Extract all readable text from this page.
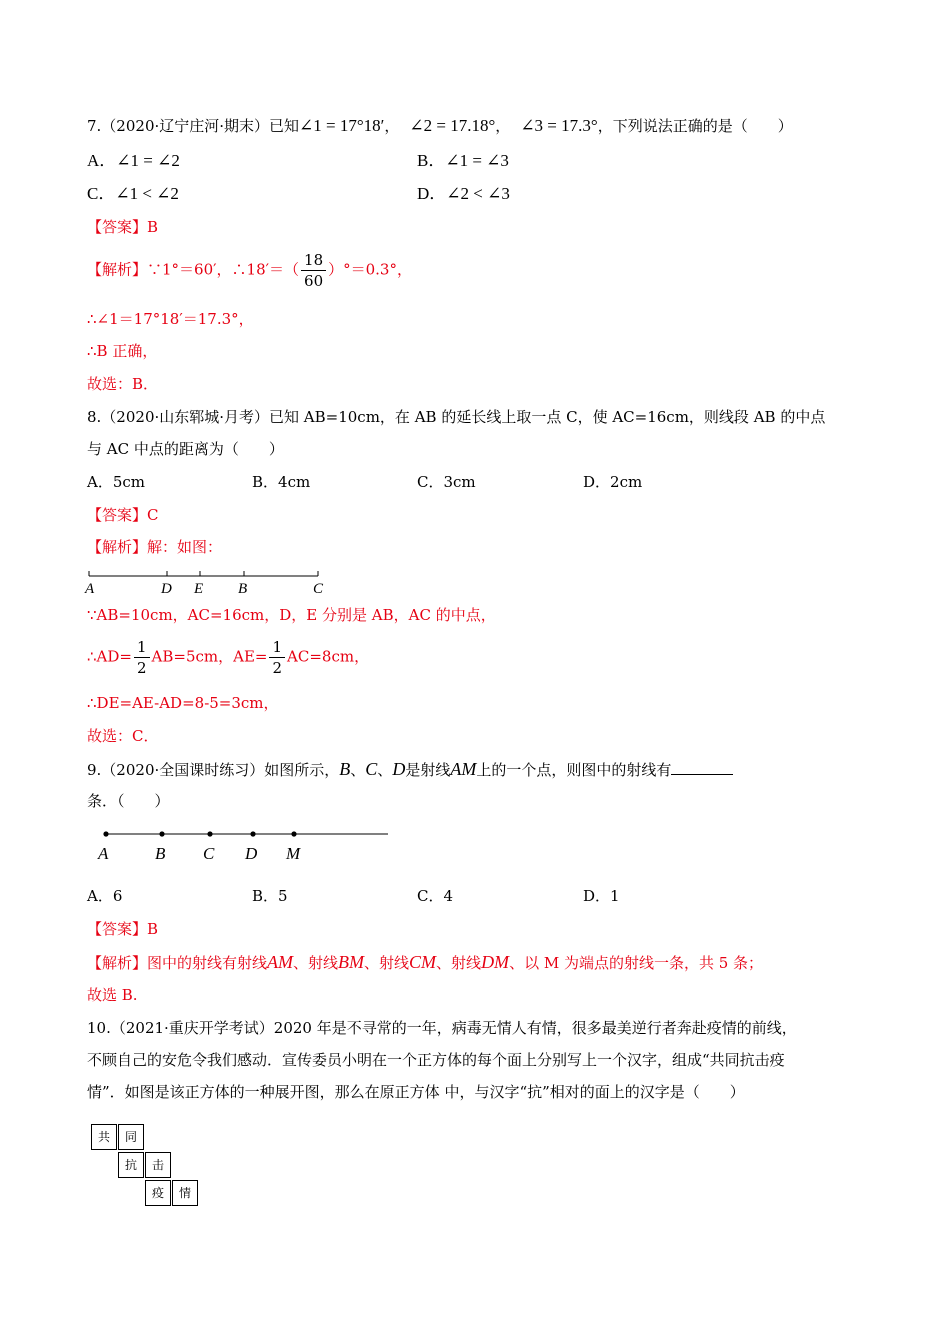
7.（2020·辽宁庄河·期末）已知∠1 = 17°18′， ∠2 = 17.18°， ∠3 = 17.3°，下列说法正确的是（　　）
A．∠1 = ∠2	B．∠1 = ∠3
C．∠1 < ∠2	D．∠2 < ∠3
【答案】B
【解析】∵1°＝60′，∴18′＝（ $\frac{18}{60} )^\circ=0.3^\circ$，
∴∠1＝17°18′＝17.3°，
∴B 正确，
故选：B．
8.（2020·山东郓城·月考）已知 AB=10cm，在 AB 的延长线上取一点 C，使 AC=16cm，则线段 AB 的中点
与 AC 中点的距离为（　　）
A．5cm	B．4cm	C．3cm	D．2cm
【答案】C
【解析】解：如图：
A	D E B	C
∵AB=10cm，AC=16cm，D，E 分别是 AB，AC 的中点，
∴AD= $\frac{1}{2} AB=5cm$，$AE= \frac{1}{2} AC=8cm$，
∴DE=AE-AD=8-5=3cm，
故选：C．
9.（2020·全国课时练习）如图所示，B、C、D是射线AM上的一个点，则图中的射线有
条．（　　）
A	B C D M
A．6	B．5	C．4	D．1
【答案】B
【解析】图中的射线有射线AM、射线BM、射线CM、射线DM、以 M 为端点的射线一条，共 5 条；
故选 B.
10.（2021·重庆开学考试）2020 年是不寻常的一年，病毒无情人有情，很多最美逆行者奔赴疫情的前线，
不顾自己的安危令我们感动．宣传委员小明在一个正方体的每个面上分别写上一个汉字，组成“共同抗击疫
情”．如图是该正方体的一种展开图，那么在原正方体 中，与汉字“抗”相对的面上的汉字是（　　）
共	同
抗	击
疫	情
